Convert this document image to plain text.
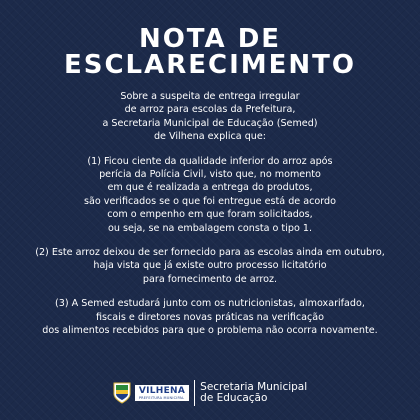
NOTA DE
ESCLARECIMENTO

Sobre a suspeita de entrega irregular
de arroz para escolas da Prefeitura,
a Secretaria Municipal de Educação (Semed)
de Vilhena explica que:

(1) Ficou ciente da qualidade inferior do arroz após
perícia da Polícia Civil, visto que, no momento
em que é realizada a entrega do produtos,
são verificados se o que foi entregue está de acordo
com o empenho em que foram solicitados,
ou seja, se na embalagem consta o tipo 1.

(2) Este arroz deixou de ser fornecido para as escolas ainda em outubro,
haja vista que já existe outro processo licitatório
para fornecimento de arroz.

(3) A Semed estudará junto com os nutricionistas, almoxarifado,
fiscais e diretores novas práticas na verificação
dos alimentos recebidos para que o problema não ocorra novamente.

VILHENA
PREFEITURA MUNICIPAL
Secretaria Municipal
de Educação
